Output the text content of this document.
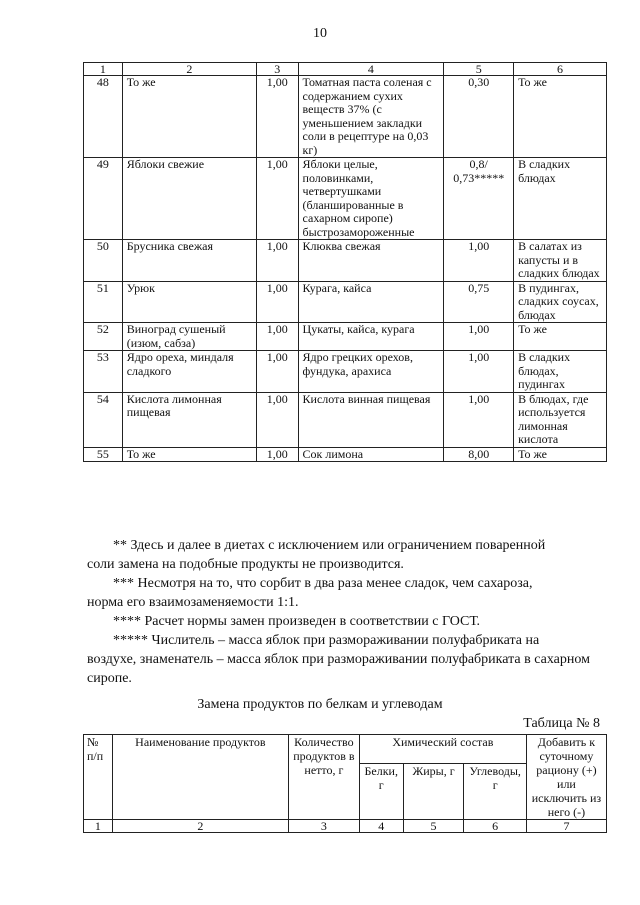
10
1	2	3	4	5	6
48	То же	1,00	Томатная паста соленая с содержанием сухих веществ 37% (с уменьшением закладки соли в рецептуре на 0,03 кг)	0,30	То же
49	Яблоки свежие	1,00	Яблоки целые, половинками, четвертушками (бланшированные в сахарном сиропе) быстрозамороженные	0,8/ 0,73*****	В сладких блюдах
50	Брусника свежая	1,00	Клюква свежая	1,00	В салатах из капусты и в сладких блюдах
51	Урюк	1,00	Курага, кайса	0,75	В пудингах, сладких соусах, блюдах
52	Виноград сушеный (изюм, сабза)	1,00	Цукаты, кайса, курага	1,00	То же
53	Ядро ореха, миндаля сладкого	1,00	Ядро грецких орехов, фундука, арахиса	1,00	В сладких блюдах, пудингах
54	Кислота лимонная пищевая	1,00	Кислота винная пищевая	1,00	В блюдах, где используется лимонная кислота
55	То же	1,00	Сок лимона	8,00	То же

** Здесь и далее в диетах с исключением или ограничением поваренной

соли замена на подобные продукты не производится.

*** Несмотря на то, что сорбит в два раза менее сладок, чем сахароза,

норма его взаимозаменяемости 1:1.

**** Расчет нормы замен произведен в соответствии с ГОСТ.

***** Числитель – масса яблок при размораживании полуфабриката на

воздухе, знаменатель – масса яблок при размораживании полуфабриката в сахарном сиропе.

Замена продуктов по белкам и углеводам
Таблица № 8
№ п/п	Наименование продуктов	Количество продуктов в нетто, г	Химический состав			Добавить к суточному рациону (+) или исключить из него (-)
			Белки, г	Жиры, г	Углеводы, г	
1	2	3	4	5	6	7
